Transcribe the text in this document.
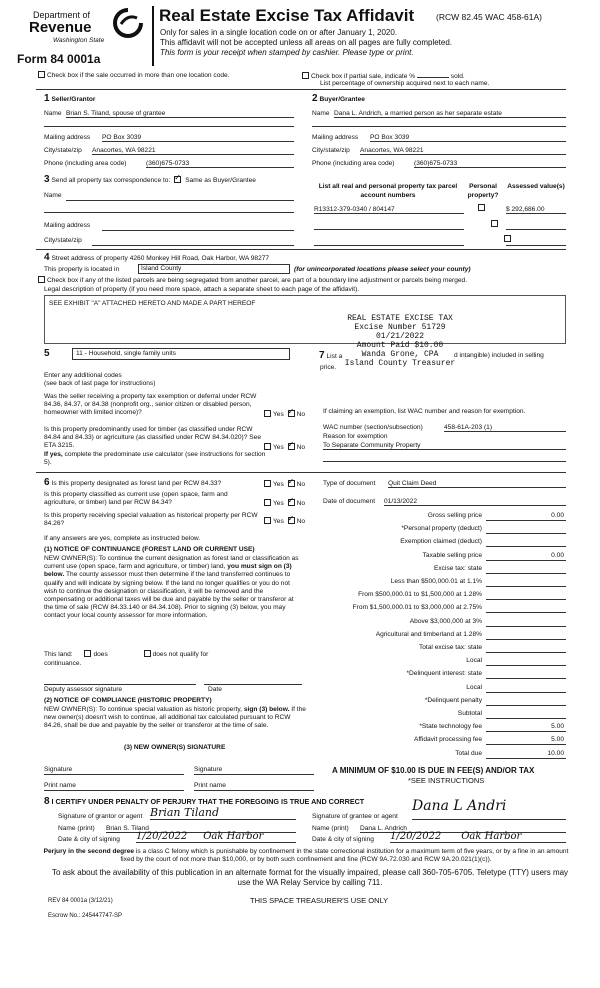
Department of
Revenue
Washington State
Form 84 0001a
Real Estate Excise Tax Affidavit	(RCW 82.45 WAC 458-61A)
Only for sales in a single location code on or after January 1, 2020.
This affidavit will not be accepted unless all areas on all pages are fully completed.
This form is your receipt when stamped by cashier. Please type or print.
Check box if the sale occurred in more than one location code.	Check box if partial sale, indicate %	sold.
List percentage of ownership acquired next to each name.
1 Seller/Grantor
Name Brian S. Tiland, spouse of grantee
Mailing address PO Box 3039
City/state/zip Anacortes, WA 98221
Phone (including area code)	(360)675-0733
2 Buyer/Grantee
Name Dana L. Andrich, a married person as her separate estate
Mailing address PO Box 3039
City/state/zip Anacortes, WA 98221
Phone (including area code)	(360)675-0733
3 Send all property tax correspondence to: ✓ Same as Buyer/Grantee
Name
Mailing address
City/state/zip
List all real and personal property tax parcel account numbers
Personal property?
Assessed value(s)
R13312-379-0340 / 804147
	$ 292,686.00

4 Street address of property 4260 Monkey Hill Road, Oak Harbor, WA 98277
This property is located in	Island County	(for unincorporated locations please select your county)
Check box if any of the listed parcels are being segregated from another parcel, are part of a boundary line adjustment or parcels being merged.
Legal description of property (if you need more space, attach a separate sheet to each page of the affidavit).
SEE EXHIBIT "A" ATTACHED HERETO AND MADE A PART HEREOF
REAL ESTATE EXCISE TAX
Excise Number 51729
01/21/2022
Amount Paid $10.00
Wanda Grone, CPA
Island County Treasurer
5	11 - Household, single family units
Enter any additional codes
(see back of last page for instructions)
Was the seller receiving a property tax exemption or deferral under RCW 84.36, 84.37, or 84.38 (nonprofit org., senior citizen or disabled person, homeowner with limited income)?	Yes ✓ No
Is this property predominantly used for timber (as classified under RCW 84.84 and 84.33) or agriculture (as classified under RCW 84.34.020)? See ETA 3215.	Yes ✓ No
If yes, complete the predominate use calculator (see instructions for section 5).
7 List a	d intangible) included in selling
price.
If claiming an exemption, list WAC number and reason for exemption.
WAC number (section/subsection)	458-61A-203 (1)
Reason for exemption
To Separate Community Property
6 Is this property designated as forest land per RCW 84.33?	Yes ✓ No
Is this property classified as current use (open space, farm and agriculture, or timber) land per RCW 84.34?	Yes ✓ No
Is this property receiving special valuation as historical property per RCW 84.26?	Yes ✓ No
If any answers are yes, complete as instructed below.
(1) NOTICE OF CONTINUANCE (FOREST LAND OR CURRENT USE)
NEW OWNER(S): To continue the current designation as forest land or classification as current use (open space, farm and agriculture, or timber) land, you must sign on (3) below. The county assessor must then determine if the land transferred continues to qualify and will indicate by signing below. If the land no longer qualifies or you do not wish to continue the designation or classification, it will be removed and the compensating or additional taxes will be due and payable by the seller or transferor at the time of sale (RCW 84.33.140 or 84.34.108). Prior to signing (3) below, you may contact your local county assessor for more information.
This land:	does	does not qualify for
continuance.
Deputy assessor signature	Date
(2) NOTICE OF COMPLIANCE (HISTORIC PROPERTY)
NEW OWNER(S): To continue special valuation as historic property, sign (3) below. If the new owner(s) doesn't wish to continue, all additional tax calculated pursuant to RCW 84.26, shall be due and payable by the seller or transferor at the time of sale.
(3) NEW OWNER(S) SIGNATURE
Signature	Signature
Print name	Print name
Type of document Quit Claim Deed
Date of document 01/13/2022
Gross selling price	0.00
*Personal property (deduct)
Exemption claimed (deduct)
Taxable selling price	0.00
Excise tax: state
Less than $500,000.01 at 1.1%
From $500,000.01 to $1,500,000 at 1.28%
From $1,500,000.01 to $3,000,000 at 2.75%
Above $3,000,000 at 3%
Agricultural and timberland at 1.28%
Total excise tax: state
Local
*Delinquent interest: state
Local
*Delinquent penalty
Subtotal
*State technology fee	5.00
Affidavit processing fee	5.00
Total due	10.00
A MINIMUM OF $10.00 IS DUE IN FEE(S) AND/OR TAX
*SEE INSTRUCTIONS
8 I CERTIFY UNDER PENALTY OF PERJURY THAT THE FOREGOING IS TRUE AND CORRECT
Signature of grantor or agent Brian Tiland
Name (print) Brian S. Tiland
Date & city of signing 1/20/2022 Oak Harbor
Signature of grantee or agent
Dana L Andri
Name (print) Dana L. Andrich
Date & city of signing 1/20/2022 Oak Harbor
Perjury in the second degree is a class C felony which is punishable by confinement in the state correctional institution for a maximum term of five years, or by a fine in an amount fixed by the court of not more than $10,000, or by both such confinement and fine (RCW 9A.72.030 and RCW 9A.20.021(1)(c)).
To ask about the availability of this publication in an alternate format for the visually impaired, please call 360-705-6705. Teletype (TTY) users may use the WA Relay Service by calling 711.
REV 84 0001a (3/12/21)	THIS SPACE TREASURER'S USE ONLY
Escrow No.: 245447747-SP
